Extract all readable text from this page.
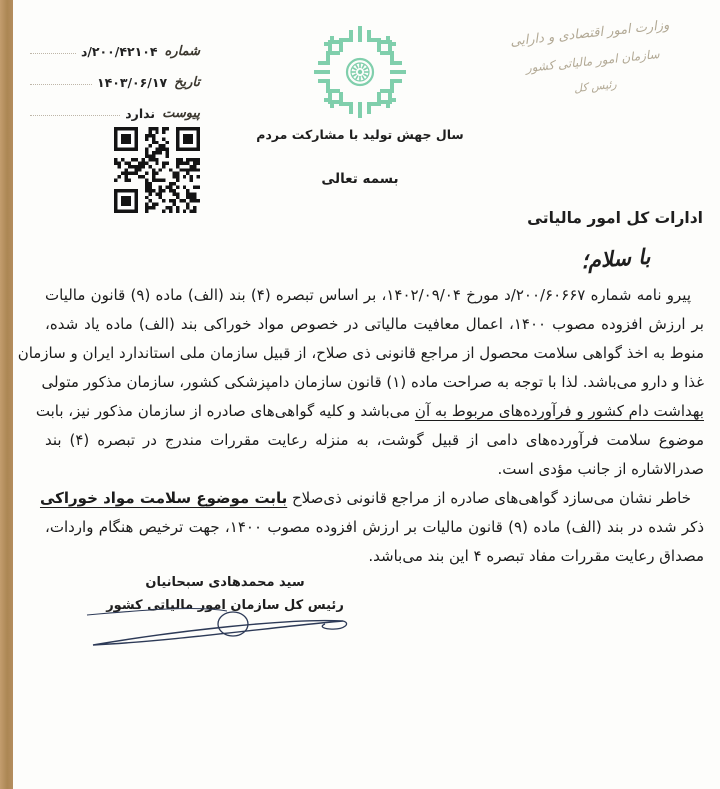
شماره
۲۰۰/۴۲۱۰۴/د
تاریخ
۱۴۰۳/۰۶/۱۷
پیوست
ندارد
وزارت امور اقتصادی و دارایی
سازمان امور مالیاتی کشور
رئیس کل
سال جهش تولید با مشارکت مردم
بسمه تعالی
ادارات کل امور مالیاتی
با سلام؛
پیرو نامه شماره ۲۰۰/۶۰۶۶۷/د مورخ ۱۴۰۲/۰۹/۰۴، بر اساس تبصره (۴) بند (الف) ماده (۹) قانون مالیات
بر ارزش افزوده مصوب ۱۴۰۰، اعمال معافیت مالیاتی در خصوص مواد خوراکی بند (الف) ماده یاد شده،
منوط به اخذ گواهی سلامت محصول از مراجع قانونی ذی صلاح، از قبیل سازمان ملی استاندارد ایران و سازمان
غذا و دارو می‌باشد. لذا با توجه به صراحت ماده (۱) قانون سازمان دامپزشکی کشور، سازمان مذکور متولی
بهداشت دام کشور و فرآورده‌های مربوط به آن می‌باشد و کلیه گواهی‌های صادره از سازمان مذکور نیز، بابت
موضوع سلامت فرآورده‌های دامی از قبیل گوشت، به منزله رعایت مقررات مندرج در تبصره (۴) بند
صدرالاشاره از جانب مؤدی است.
خاطر نشان می‌سازد گواهی‌های صادره از مراجع قانونی ذی‌صلاح بابت موضوع سلامت مواد خوراکی
ذکر شده در بند (الف) ماده (۹) قانون مالیات بر ارزش افزوده مصوب ۱۴۰۰، جهت ترخیص هنگام واردات،
مصداق رعایت مقررات مفاد تبصره ۴ این بند می‌باشد.
سید محمدهادی سبحانیان
رئیس کل سازمان امور مالیاتی کشور
